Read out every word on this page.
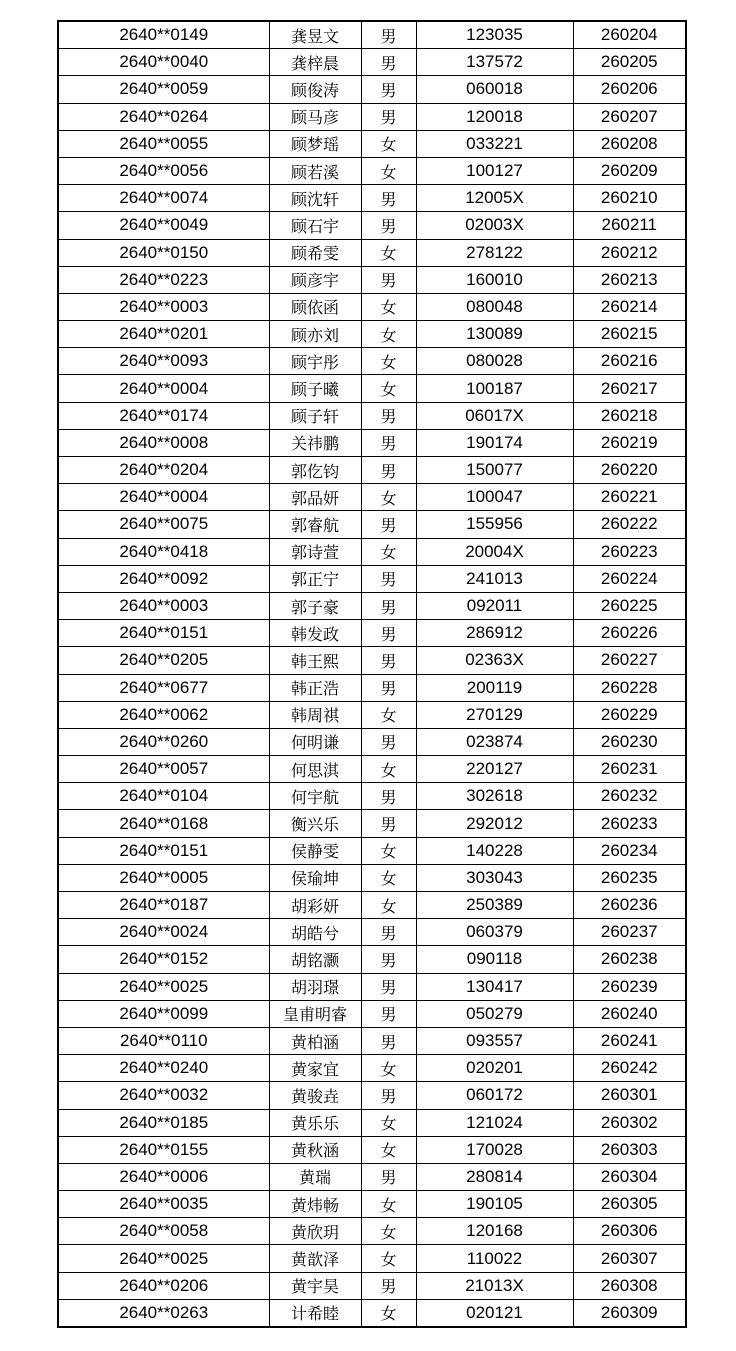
2640**0149	龚昱文	男	123035	260204
2640**0040	龚梓晨	男	137572	260205
2640**0059	顾俊涛	男	060018	260206
2640**0264	顾马彦	男	120018	260207
2640**0055	顾梦瑶	女	033221	260208
2640**0056	顾若溪	女	100127	260209
2640**0074	顾沈轩	男	12005X	260210
2640**0049	顾石宇	男	02003X	260211
2640**0150	顾希雯	女	278122	260212
2640**0223	顾彦宇	男	160010	260213
2640**0003	顾依函	女	080048	260214
2640**0201	顾亦刘	女	130089	260215
2640**0093	顾宇彤	女	080028	260216
2640**0004	顾子曦	女	100187	260217
2640**0174	顾子轩	男	06017X	260218
2640**0008	关祎鹏	男	190174	260219
2640**0204	郭仡钧	男	150077	260220
2640**0004	郭品妍	女	100047	260221
2640**0075	郭睿航	男	155956	260222
2640**0418	郭诗萱	女	20004X	260223
2640**0092	郭正宁	男	241013	260224
2640**0003	郭子豪	男	092011	260225
2640**0151	韩发政	男	286912	260226
2640**0205	韩王熙	男	02363X	260227
2640**0677	韩正浩	男	200119	260228
2640**0062	韩周祺	女	270129	260229
2640**0260	何明谦	男	023874	260230
2640**0057	何思淇	女	220127	260231
2640**0104	何宇航	男	302618	260232
2640**0168	衡兴乐	男	292012	260233
2640**0151	侯静雯	女	140228	260234
2640**0005	侯瑜坤	女	303043	260235
2640**0187	胡彩妍	女	250389	260236
2640**0024	胡皓兮	男	060379	260237
2640**0152	胡铭灏	男	090118	260238
2640**0025	胡羽璟	男	130417	260239
2640**0099	皇甫明睿	男	050279	260240
2640**0110	黄柏涵	男	093557	260241
2640**0240	黄家宜	女	020201	260242
2640**0032	黄骏垚	男	060172	260301
2640**0185	黄乐乐	女	121024	260302
2640**0155	黄秋涵	女	170028	260303
2640**0006	黄瑞	男	280814	260304
2640**0035	黄炜畅	女	190105	260305
2640**0058	黄欣玥	女	120168	260306
2640**0025	黄歆泽	女	110022	260307
2640**0206	黄宇昊	男	21013X	260308
2640**0263	计希睦	女	020121	260309
